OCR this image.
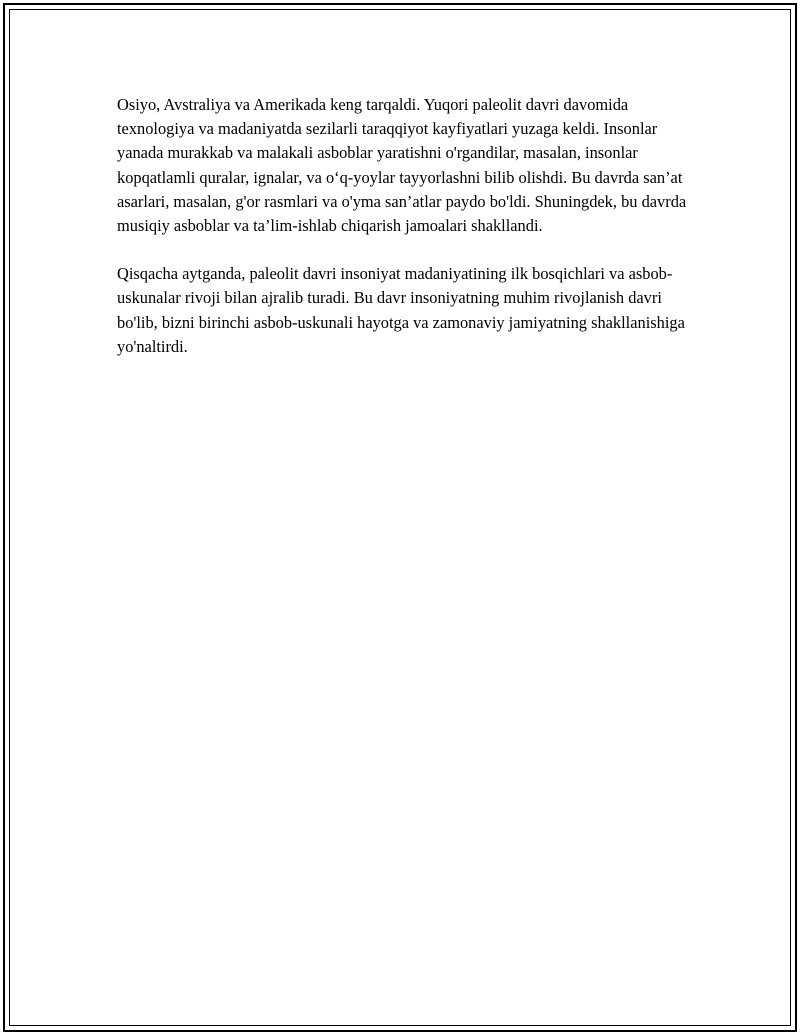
Osiyo, Avstraliya va Amerikada keng tarqaldi. Yuqori paleolit davri davomida texnologiya va madaniyatda sezilarli taraqqiyot kayfiyatlari yuzaga keldi. Insonlar yanada murakkab va malakali asboblar yaratishni o'rgandilar, masalan, insonlar kopqatlamli quralar, ignalar, va o‘q-yoylar tayyorlashni bilib olishdi. Bu davrda san’at asarlari, masalan, g'or rasmlari va o'yma san’atlar paydo bo'ldi. Shuningdek, bu davrda musiqiy asboblar va ta’lim-ishlab chiqarish jamoalari shakllandi.

Qisqacha aytganda, paleolit davri insoniyat madaniyatining ilk bosqichlari va asbob-uskunalar rivoji bilan ajralib turadi. Bu davr insoniyatning muhim rivojlanish davri bo'lib, bizni birinchi asbob-uskunali hayotga va zamonaviy jamiyatning shakllanishiga yo'naltirdi.
